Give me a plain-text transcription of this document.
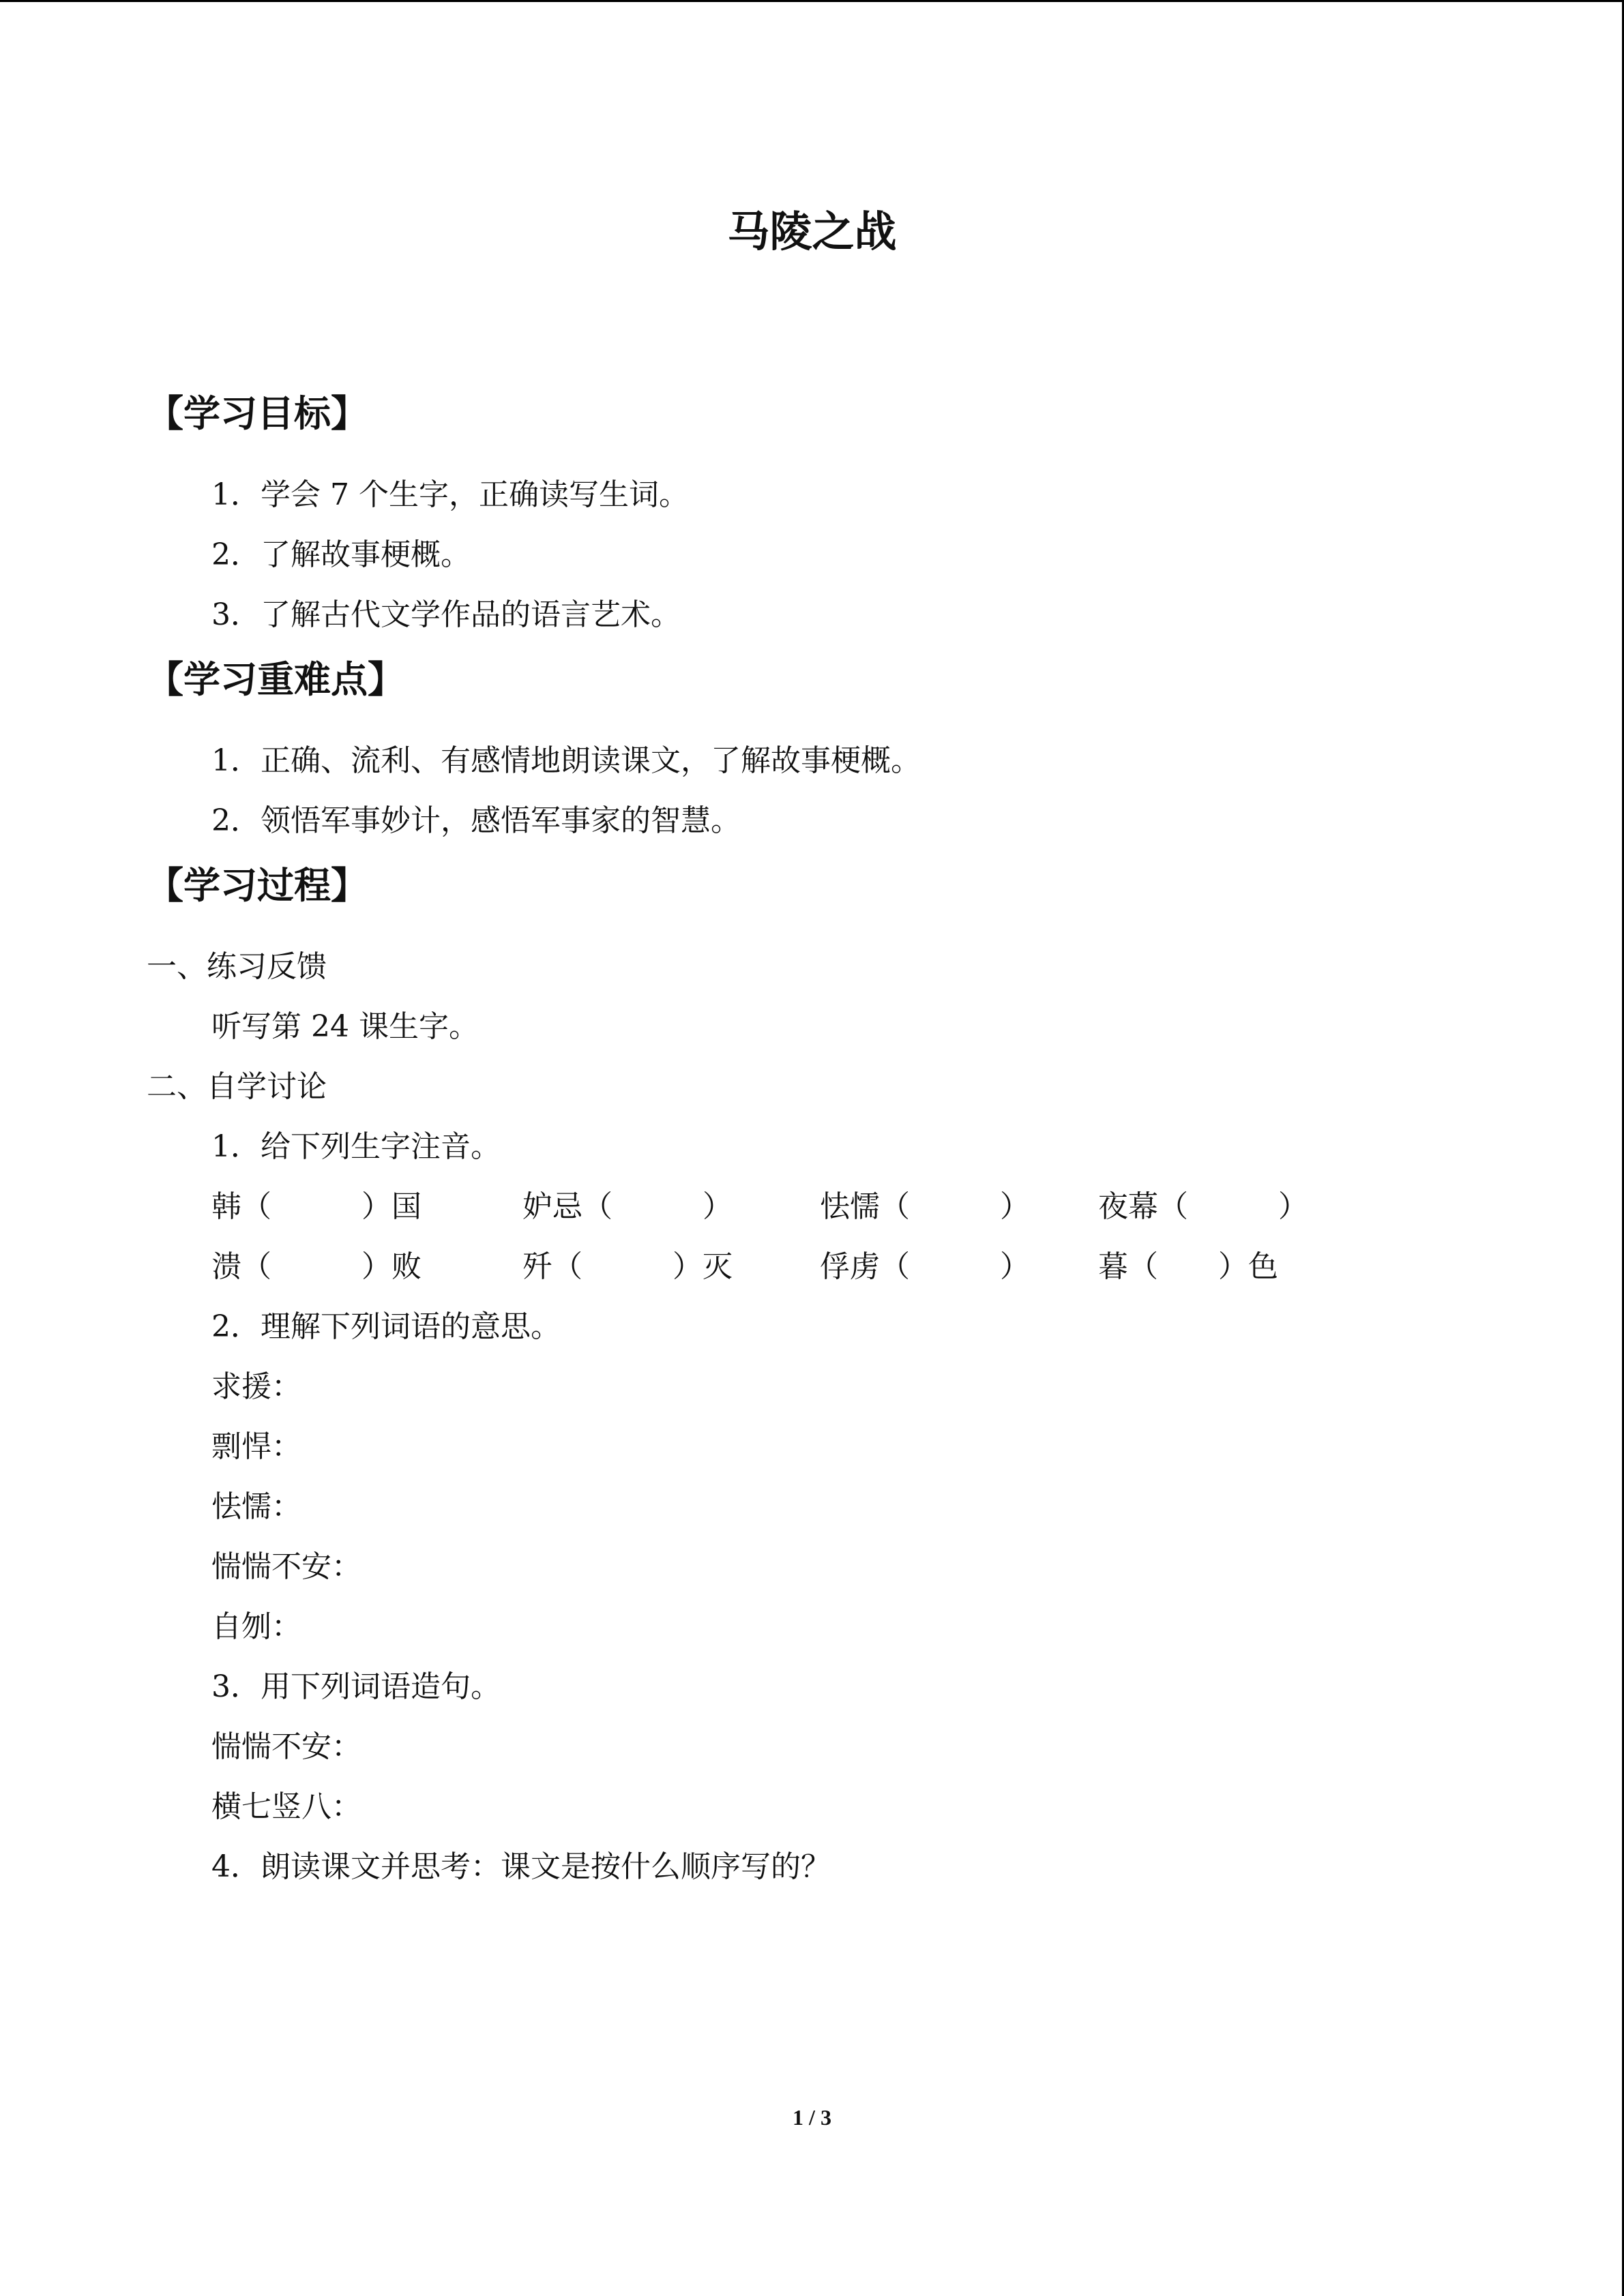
马陵之战
【学习目标】
1．学会 7 个生字，正确读写生词。
2．了解故事梗概。
3．了解古代文学作品的语言艺术。
【学习重难点】
1．正确、流利、有感情地朗读课文，了解故事梗概。
2．领悟军事妙计，感悟军事家的智慧。
【学习过程】
一、练习反馈
听写第 24 课生字。
二、自学讨论
1．给下列生字注音。
韩（　　　）国	妒忌（　　　）	怯懦（　　　） 夜幕（　　　）
溃（　　　）败	歼（　　　）灭	俘虏（　　　） 暮（　　）色
2．理解下列词语的意思。
求援：
剽悍：
怯懦：
惴惴不安：
自刎：
3．用下列词语造句。
惴惴不安：
横七竖八：
4．朗读课文并思考：课文是按什么顺序写的？
1 / 3
